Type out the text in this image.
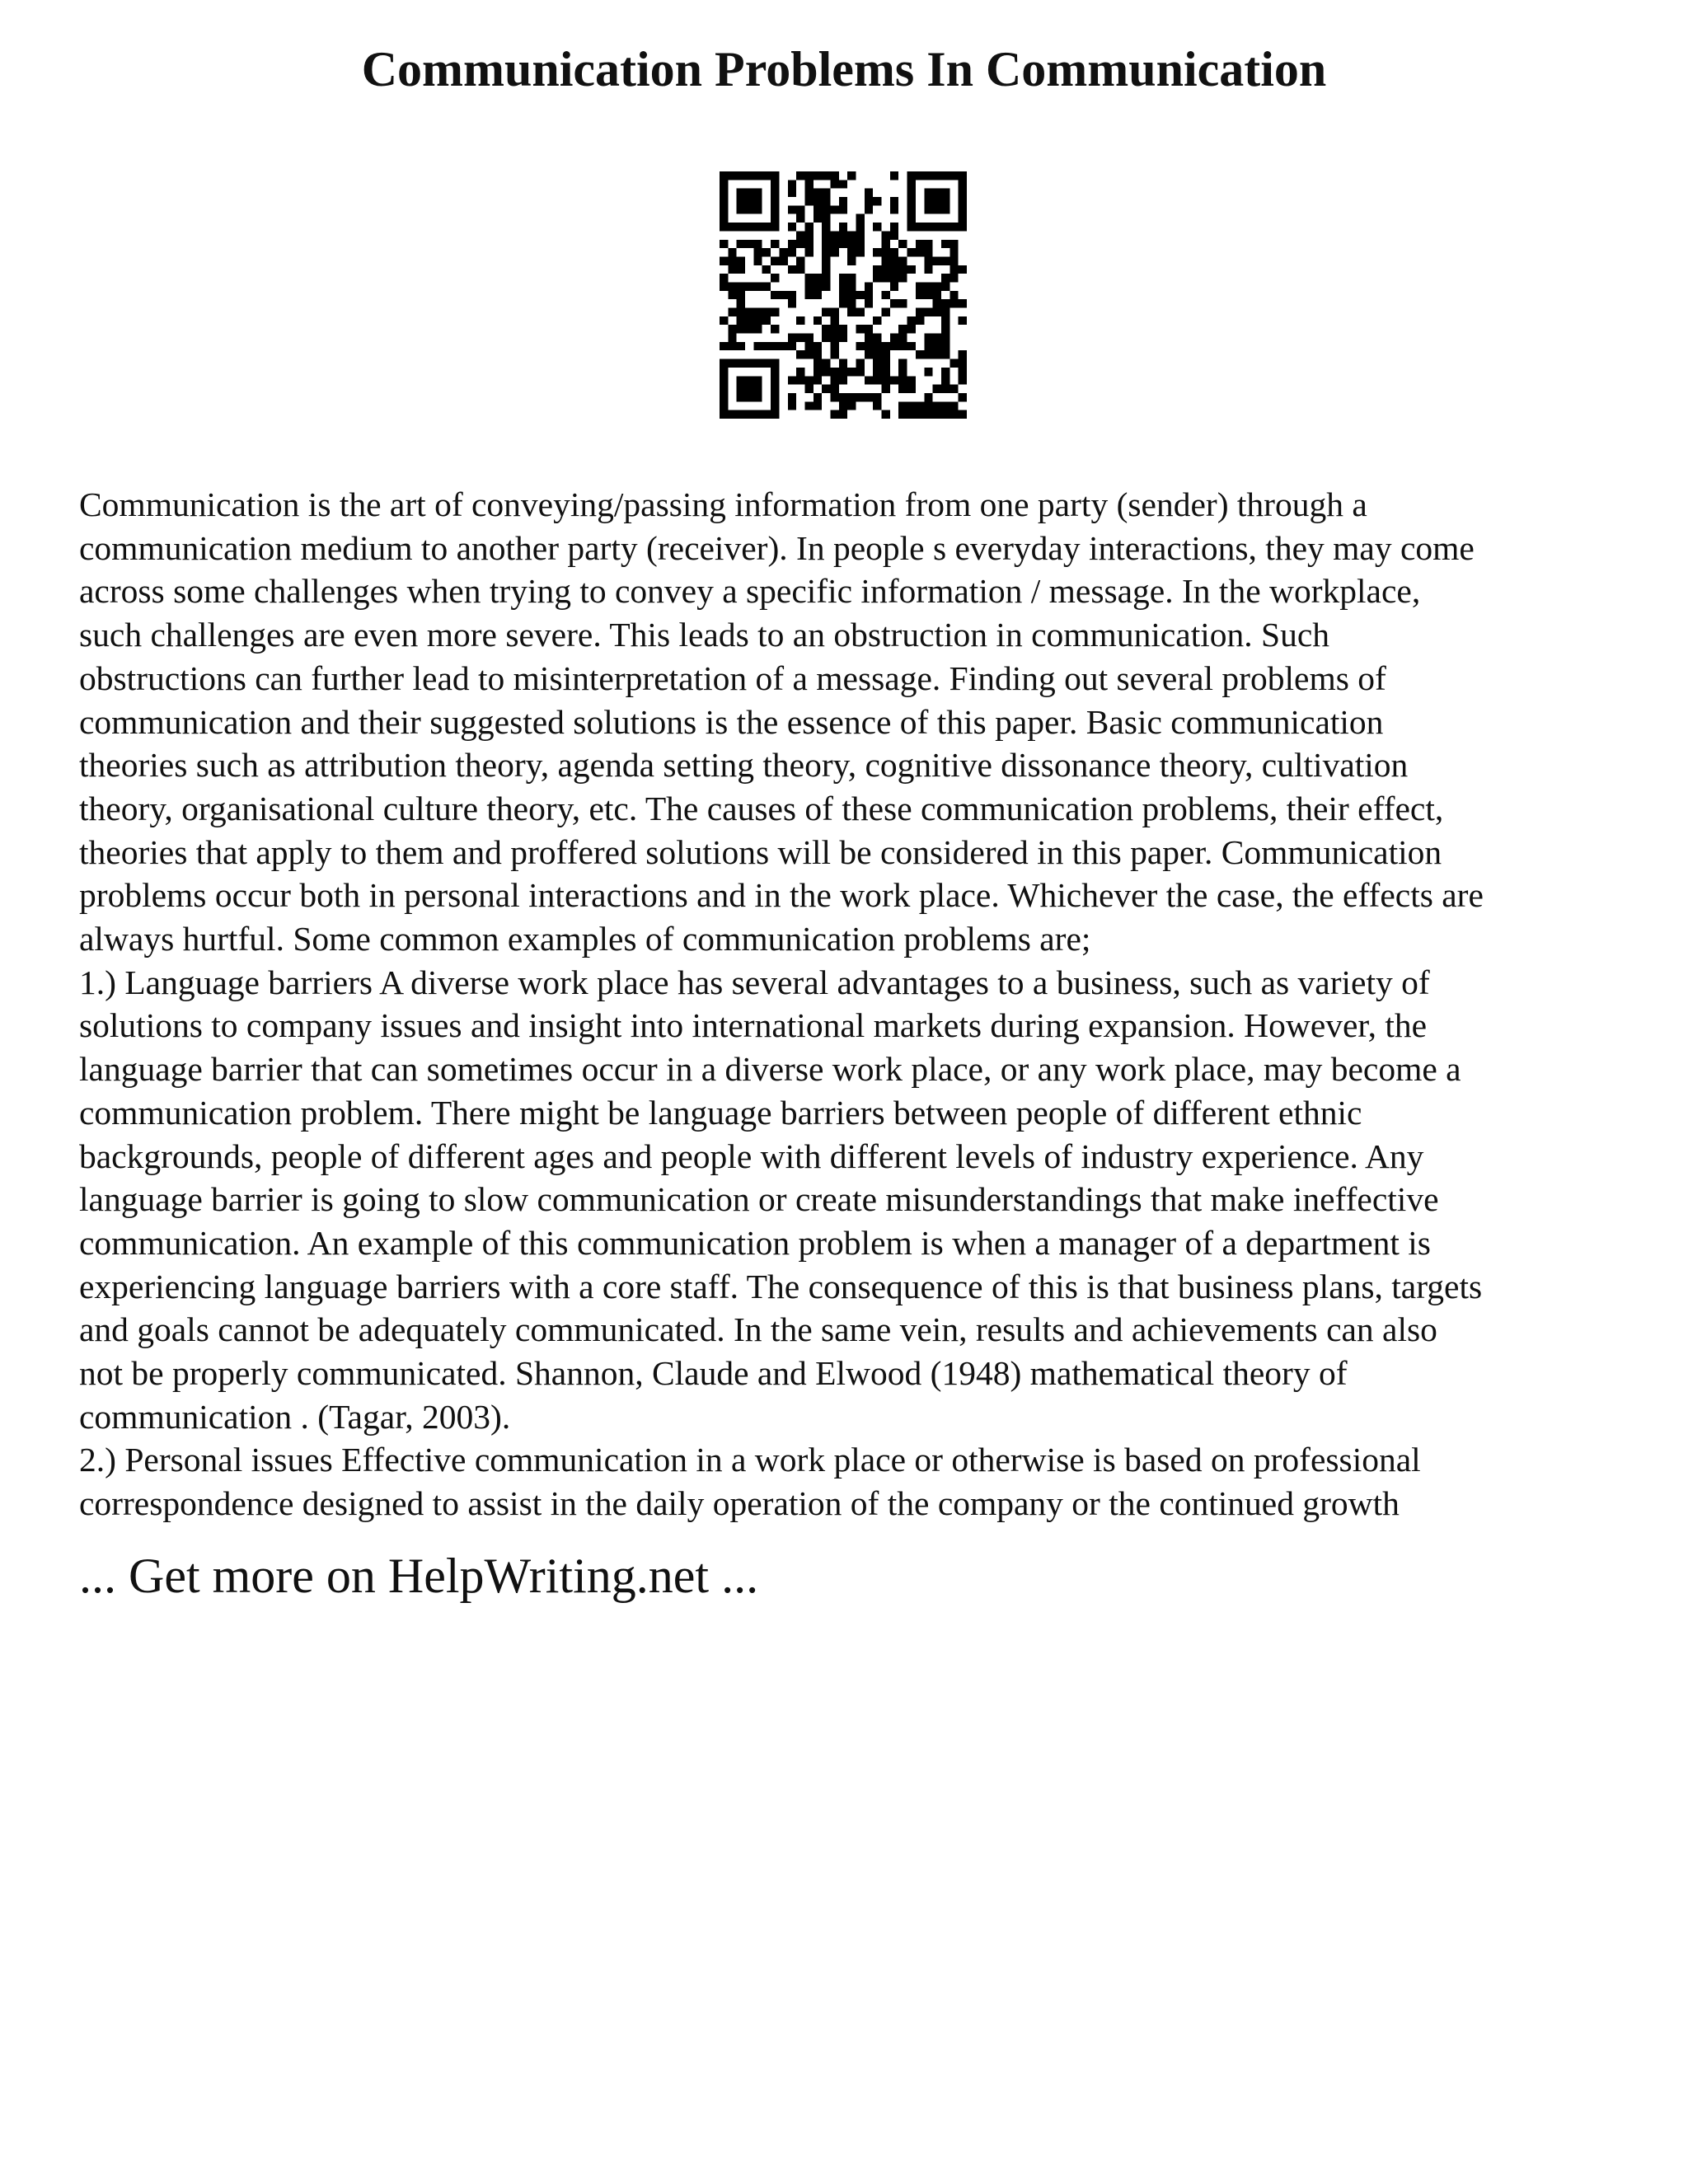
Communication Problems In Communication

Communication is the art of conveying/passing information from one party (sender) through a

communication medium to another party (receiver). In people s everyday interactions, they may come

across some challenges when trying to convey a specific information / message. In the workplace,

such challenges are even more severe. This leads to an obstruction in communication. Such

obstructions can further lead to misinterpretation of a message. Finding out several problems of

communication and their suggested solutions is the essence of this paper. Basic communication

theories such as attribution theory, agenda setting theory, cognitive dissonance theory, cultivation

theory, organisational culture theory, etc. The causes of these communication problems, their effect,

theories that apply to them and proffered solutions will be considered in this paper. Communication

problems occur both in personal interactions and in the work place. Whichever the case, the effects are

always hurtful. Some common examples of communication problems are;

1.) Language barriers A diverse work place has several advantages to a business, such as variety of

solutions to company issues and insight into international markets during expansion. However, the

language barrier that can sometimes occur in a diverse work place, or any work place, may become a

communication problem. There might be language barriers between people of different ethnic

backgrounds, people of different ages and people with different levels of industry experience. Any

language barrier is going to slow communication or create misunderstandings that make ineffective

communication. An example of this communication problem is when a manager of a department is

experiencing language barriers with a core staff. The consequence of this is that business plans, targets

and goals cannot be adequately communicated. In the same vein, results and achievements can also

not be properly communicated. Shannon, Claude and Elwood (1948) mathematical theory of

communication . (Tagar, 2003).

2.) Personal issues Effective communication in a work place or otherwise is based on professional

correspondence designed to assist in the daily operation of the company or the continued growth

... Get more on HelpWriting.net ...
